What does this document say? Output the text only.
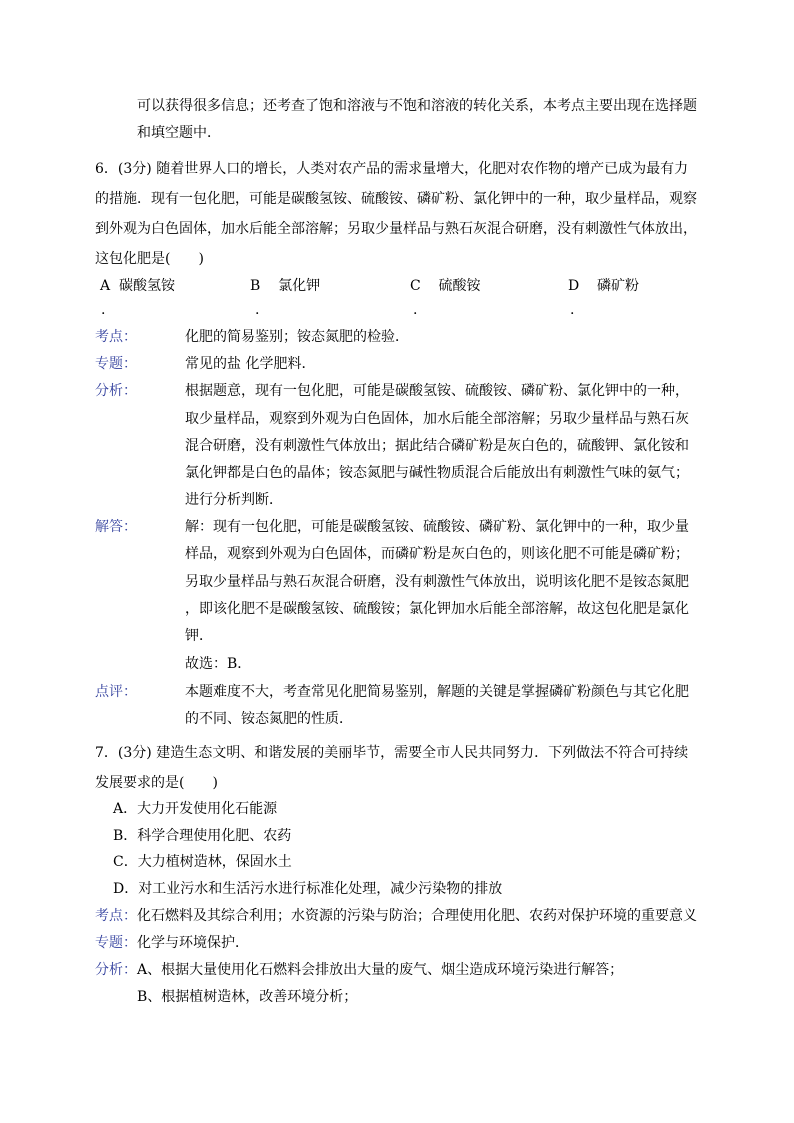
可以获得很多信息；还考查了饱和溶液与不饱和溶液的转化关系，本考点主要出现在选择题
和填空题中．
6．(3分) 随着世界人口的增长，人类对农产品的需求量增大，化肥对农作物的增产已成为最有力
的措施．现有一包化肥，可能是碳酸氢铵、硫酸铵、磷矿粉、氯化钾中的一种，取少量样品，观察
到外观为白色固体，加水后能全部溶解；另取少量样品与熟石灰混合研磨，没有刺激性气体放出，
这包化肥是(　　)
A 碳酸氢铵	B 氯化钾	C 硫酸铵	D 磷矿粉
.	.	.	.
考点：	化肥的简易鉴别；铵态氮肥的检验．
专题：	常见的盐 化学肥料．
分析：	根据题意，现有一包化肥，可能是碳酸氢铵、硫酸铵、磷矿粉、氯化钾中的一种，
取少量样品，观察到外观为白色固体，加水后能全部溶解；另取少量样品与熟石灰
混合研磨，没有刺激性气体放出；据此结合磷矿粉是灰白色的，硫酸钾、氯化铵和
氯化钾都是白色的晶体；铵态氮肥与碱性物质混合后能放出有刺激性气味的氨气；
进行分析判断．
解答：	解：现有一包化肥，可能是碳酸氢铵、硫酸铵、磷矿粉、氯化钾中的一种，取少量
样品，观察到外观为白色固体，而磷矿粉是灰白色的，则该化肥不可能是磷矿粉；
另取少量样品与熟石灰混合研磨，没有刺激性气体放出，说明该化肥不是铵态氮肥
，即该化肥不是碳酸氢铵、硫酸铵；氯化钾加水后能全部溶解，故这包化肥是氯化
钾．
故选：B．
点评：	本题难度不大，考查常见化肥简易鉴别，解题的关键是掌握磷矿粉颜色与其它化肥
的不同、铵态氮肥的性质．
7．(3分) 建造生态文明、和谐发展的美丽毕节，需要全市人民共同努力．下列做法不符合可持续
发展要求的是(　　)
A．大力开发使用化石能源
B．科学合理使用化肥、农药
C．大力植树造林，保固水土
D．对工业污水和生活污水进行标准化处理，减少污染物的排放
考点： 化石燃料及其综合利用；水资源的污染与防治；合理使用化肥、农药对保护环境的重要意义
专题： 化学与环境保护．
分析： A、根据大量使用化石燃料会排放出大量的废气、烟尘造成环境污染进行解答；
B、根据植树造林，改善环境分析；
